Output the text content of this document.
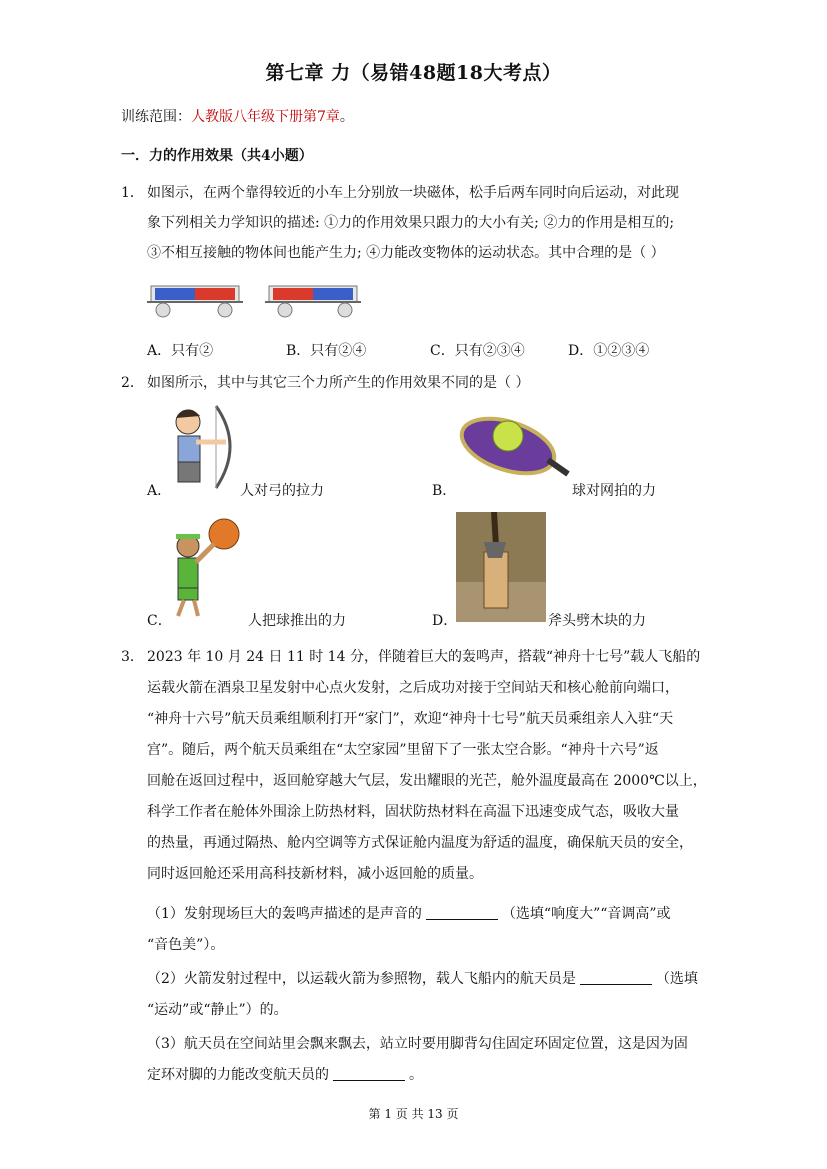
第七章 力（易错48题18大考点）
训练范围：人教版八年级下册第7章。
一．力的作用效果（共4小题）
1． 如图示，在两个靠得较近的小车上分别放一块磁体，松手后两车同时向后运动，对此现
象下列相关力学知识的描述: ①力的作用效果只跟力的大小有关; ②力的作用是相互的;
③不相互接触的物体间也能产生力; ④力能改变物体的运动状态。其中合理的是（ ）
A．只有②	B．只有②④	C．只有②③④	D．①②③④
2． 如图所示，其中与其它三个力所产生的作用效果不同的是（ ）
A．	人对弓的拉力	B．	球对网拍的力
C．	人把球推出的力	D．	斧头劈木块的力
3． 2023 年 10 月 24 日 11 时 14 分，伴随着巨大的轰鸣声，搭载“神舟十七号”载人飞船的
运载火箭在酒泉卫星发射中心点火发射，之后成功对接于空间站天和核心舱前向端口，
“神舟十六号”航天员乘组顺利打开“家门”，欢迎“神舟十七号”航天员乘组亲人入驻“天
宫”。随后，两个航天员乘组在“太空家园”里留下了一张太空合影。“神舟十六号”返
回舱在返回过程中，返回舱穿越大气层，发出耀眼的光芒，舱外温度最高在 2000℃以上，
科学工作者在舱体外围涂上防热材料，固状防热材料在高温下迅速变成气态，吸收大量
的热量，再通过隔热、舱内空调等方式保证舱内温度为舒适的温度，确保航天员的安全，
同时返回舱还采用高科技新材料，减小返回舱的质量。
（1）发射现场巨大的轰鸣声描述的是声音的	（选填“响度大”“音调高”或
“音色美”）。
（2）火箭发射过程中，以运载火箭为参照物，载人飞船内的航天员是	（选填
“运动”或“静止”）的。
（3）航天员在空间站里会飘来飘去，站立时要用脚背勾住固定环固定位置，这是因为固
定环对脚的力能改变航天员的	。
第 1 页 共 13 页
